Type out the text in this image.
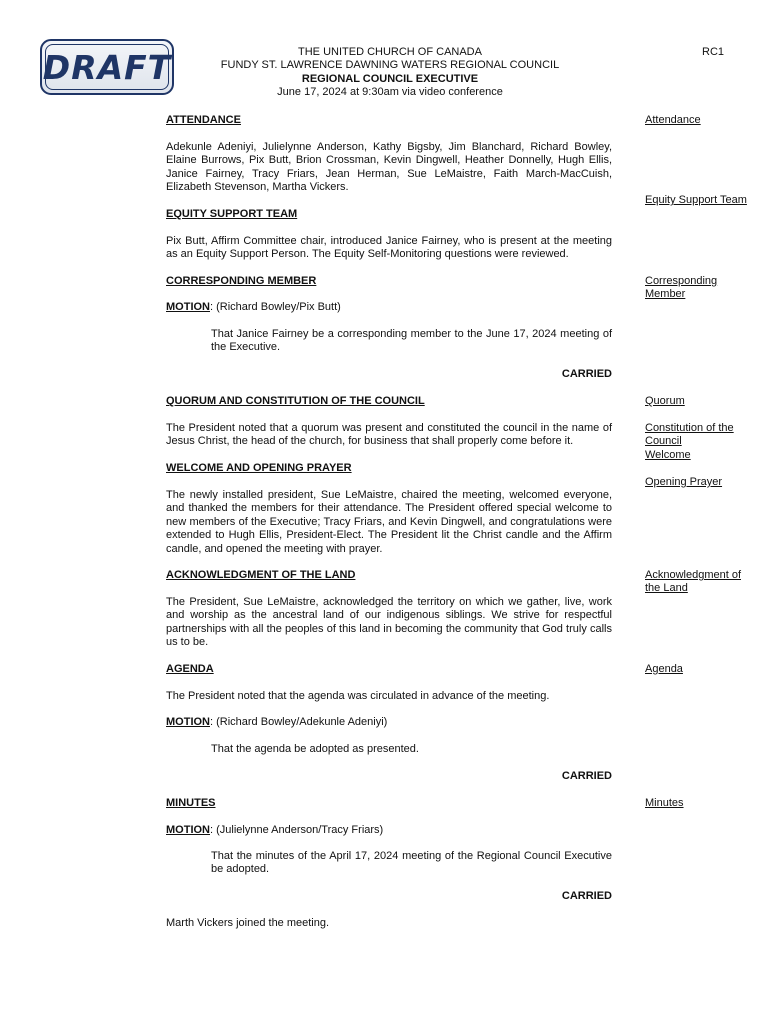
DRAFT	THE UNITED CHURCH OF CANADA
FUNDY ST. LAWRENCE DAWNING WATERS REGIONAL COUNCIL
REGIONAL COUNCIL EXECUTIVE
June 17, 2024 at 9:30am via video conference
RC1
ATTENDANCE	Attendance
Adekunle Adeniyi, Julielynne Anderson, Kathy Bigsby, Jim Blanchard, Richard Bowley, Elaine Burrows, Pix Butt, Brion Crossman, Kevin Dingwell, Heather Donnelly, Hugh Ellis, Janice Fairney, Tracy Friars, Jean Herman, Sue LeMaistre, Faith March-MacCuish, Elizabeth Stevenson, Martha Vickers.
Equity Support Team
EQUITY SUPPORT TEAM
Pix Butt, Affirm Committee chair, introduced Janice Fairney, who is present at the meeting as an Equity Support Person. The Equity Self-Monitoring questions were reviewed.
CORRESPONDING MEMBER	Corresponding Member
MOTION: (Richard Bowley/Pix Butt)
That Janice Fairney be a corresponding member to the June 17, 2024 meeting of the Executive.
CARRIED
QUORUM AND CONSTITUTION OF THE COUNCIL	Quorum
Constitution of the Council
Welcome
The President noted that a quorum was present and constituted the council in the name of Jesus Christ, the head of the church, for business that shall properly come before it.
WELCOME AND OPENING PRAYER
Opening Prayer
The newly installed president, Sue LeMaistre, chaired the meeting, welcomed everyone, and thanked the members for their attendance. The President offered special welcome to new members of the Executive; Tracy Friars, and Kevin Dingwell, and congratulations were extended to Hugh Ellis, President-Elect. The President lit the Christ candle and the Affirm candle, and opened the meeting with prayer.
ACKNOWLEDGMENT OF THE LAND	Acknowledgment of the Land
The President, Sue LeMaistre, acknowledged the territory on which we gather, live, work and worship as the ancestral land of our indigenous siblings. We strive for respectful partnerships with all the peoples of this land in becoming the community that God truly calls us to be.
AGENDA	Agenda
The President noted that the agenda was circulated in advance of the meeting.
MOTION: (Richard Bowley/Adekunle Adeniyi)
That the agenda be adopted as presented.
CARRIED
MINUTES	Minutes
MOTION: (Julielynne Anderson/Tracy Friars)
That the minutes of the April 17, 2024 meeting of the Regional Council Executive be adopted.
CARRIED
Marth Vickers joined the meeting.
